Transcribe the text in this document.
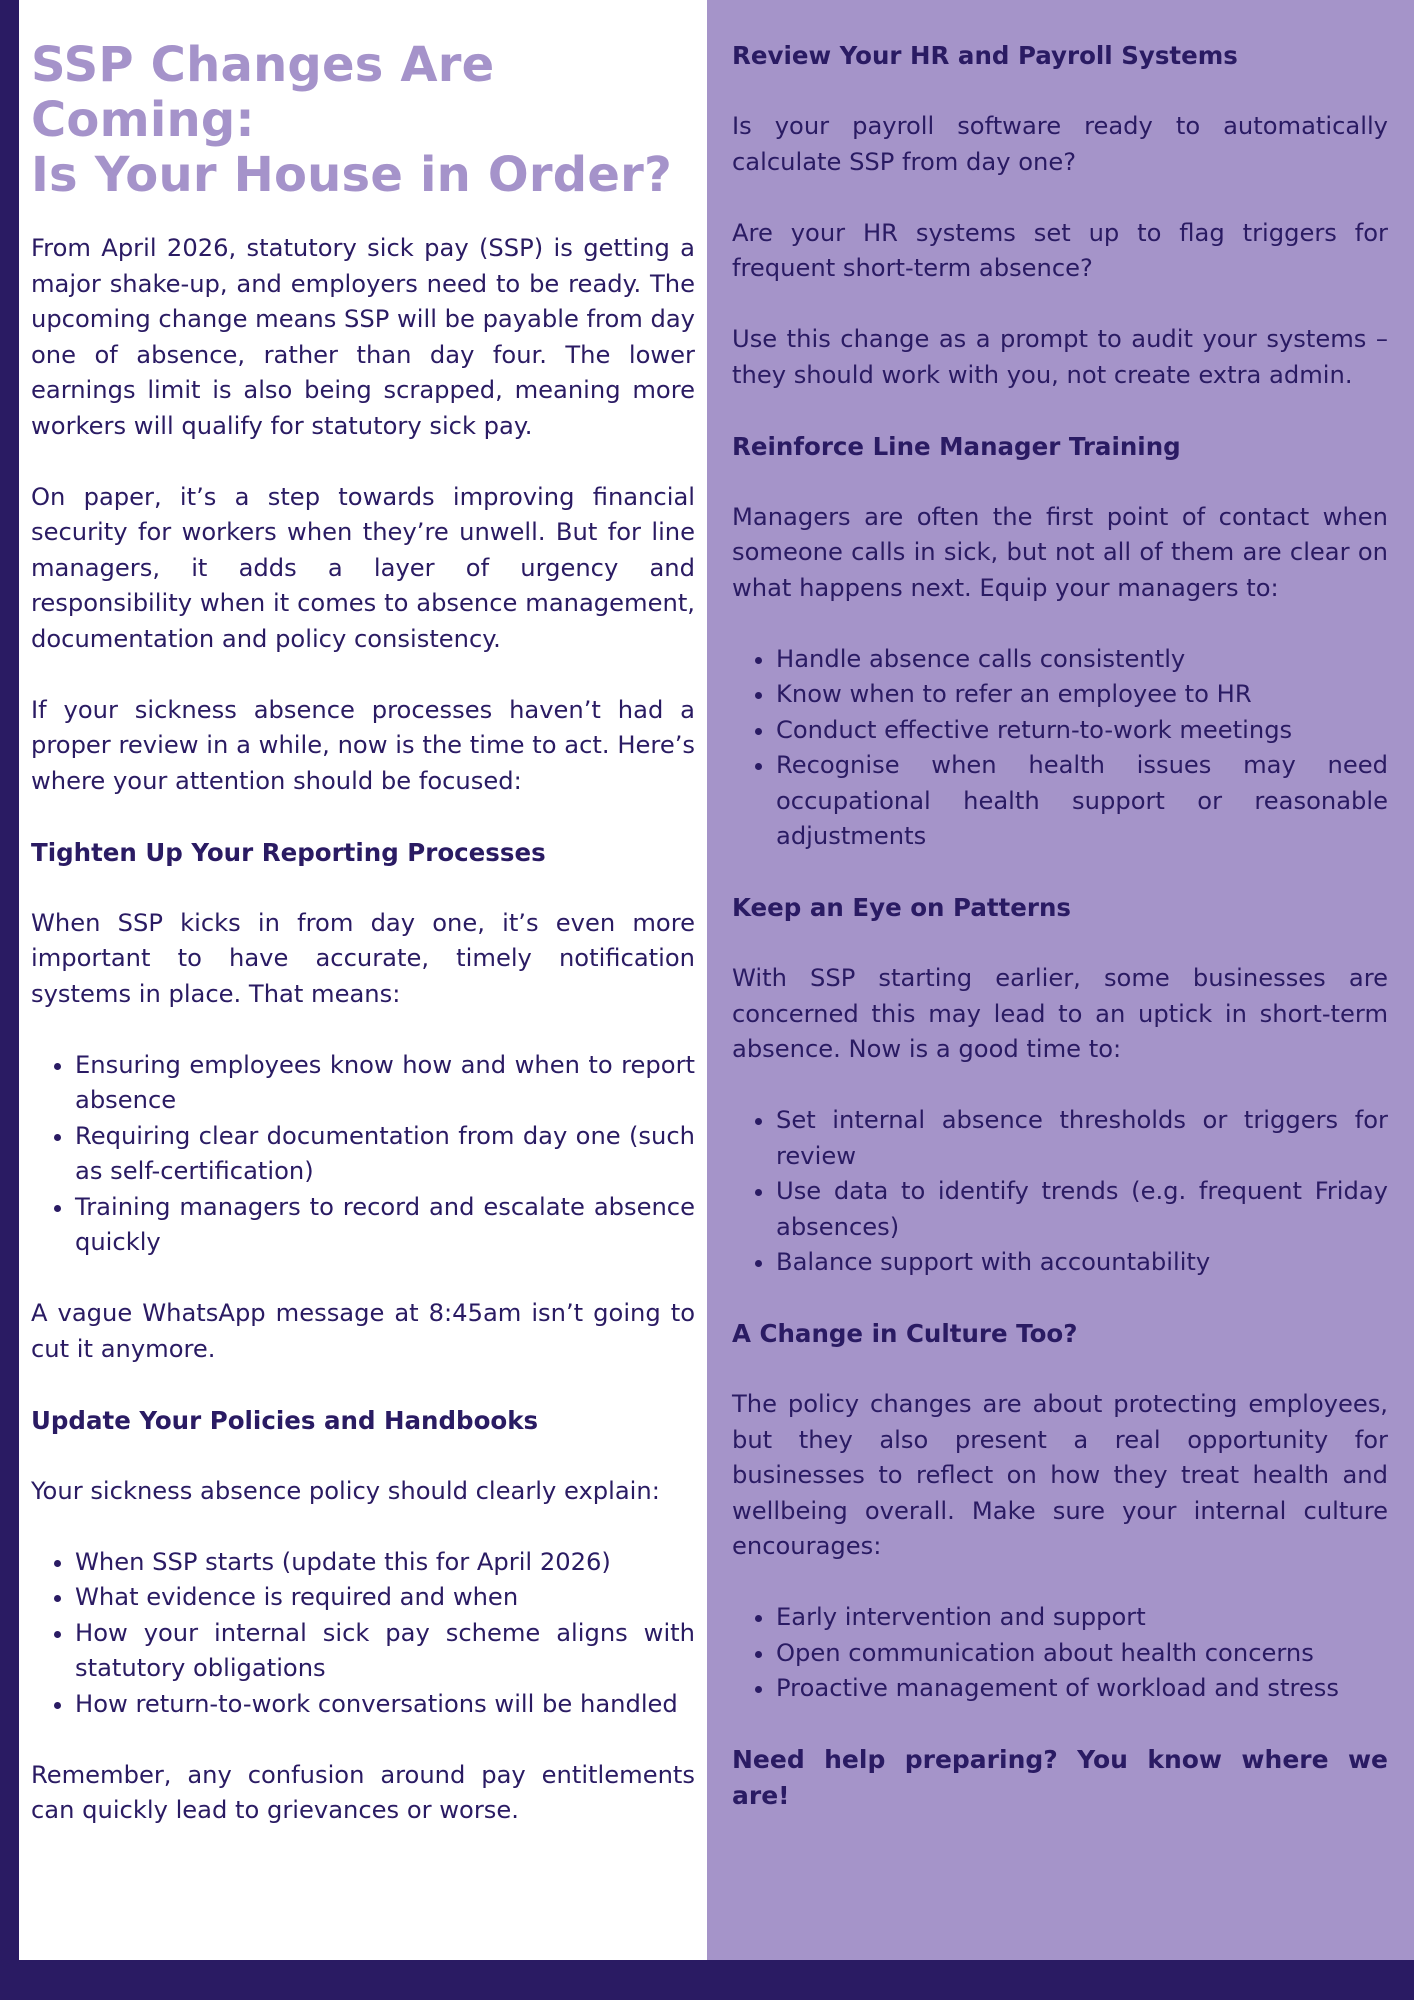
SSP Changes Are Coming:
Is Your House in Order?

From April 2026, statutory sick pay (SSP) is getting a major shake-up, and employers need to be ready. The upcoming change means SSP will be payable from day one of absence, rather than day four. The lower earnings limit is also being scrapped, meaning more workers will qualify for statutory sick pay.

On paper, it’s a step towards improving financial security for workers when they’re unwell. But for line managers, it adds a layer of urgency and responsibility when it comes to absence management, documentation and policy consistency.

If your sickness absence processes haven’t had a proper review in a while, now is the time to act. Here’s where your attention should be focused:

Tighten Up Your Reporting Processes

When SSP kicks in from day one, it’s even more important to have accurate, timely notification systems in place. That means:

• Ensuring employees know how and when to report absence
• Requiring clear documentation from day one (such as self-certification)
• Training managers to record and escalate absence quickly

A vague WhatsApp message at 8:45am isn’t going to cut it anymore.

Update Your Policies and Handbooks

Your sickness absence policy should clearly explain:

• When SSP starts (update this for April 2026)
• What evidence is required and when
• How your internal sick pay scheme aligns with statutory obligations
• How return-to-work conversations will be handled

Remember, any confusion around pay entitlements can quickly lead to grievances or worse.

Review Your HR and Payroll Systems

Is your payroll software ready to automatically calculate SSP from day one?

Are your HR systems set up to flag triggers for frequent short-term absence?

Use this change as a prompt to audit your systems – they should work with you, not create extra admin.

Reinforce Line Manager Training

Managers are often the first point of contact when someone calls in sick, but not all of them are clear on what happens next. Equip your managers to:

• Handle absence calls consistently
• Know when to refer an employee to HR
• Conduct effective return-to-work meetings
• Recognise when health issues may need occupational health support or reasonable adjustments
Keep an Eye on Patterns

With SSP starting earlier, some businesses are concerned this may lead to an uptick in short-term absence. Now is a good time to:

• Set internal absence thresholds or triggers for review
• Use data to identify trends (e.g. frequent Friday absences)
• Balance support with accountability
A Change in Culture Too?

The policy changes are about protecting employees, but they also present a real opportunity for businesses to reflect on how they treat health and wellbeing overall. Make sure your internal culture encourages:

• Early intervention and support
• Open communication about health concerns
• Proactive management of workload and stress

Need help preparing? You know where we are!
